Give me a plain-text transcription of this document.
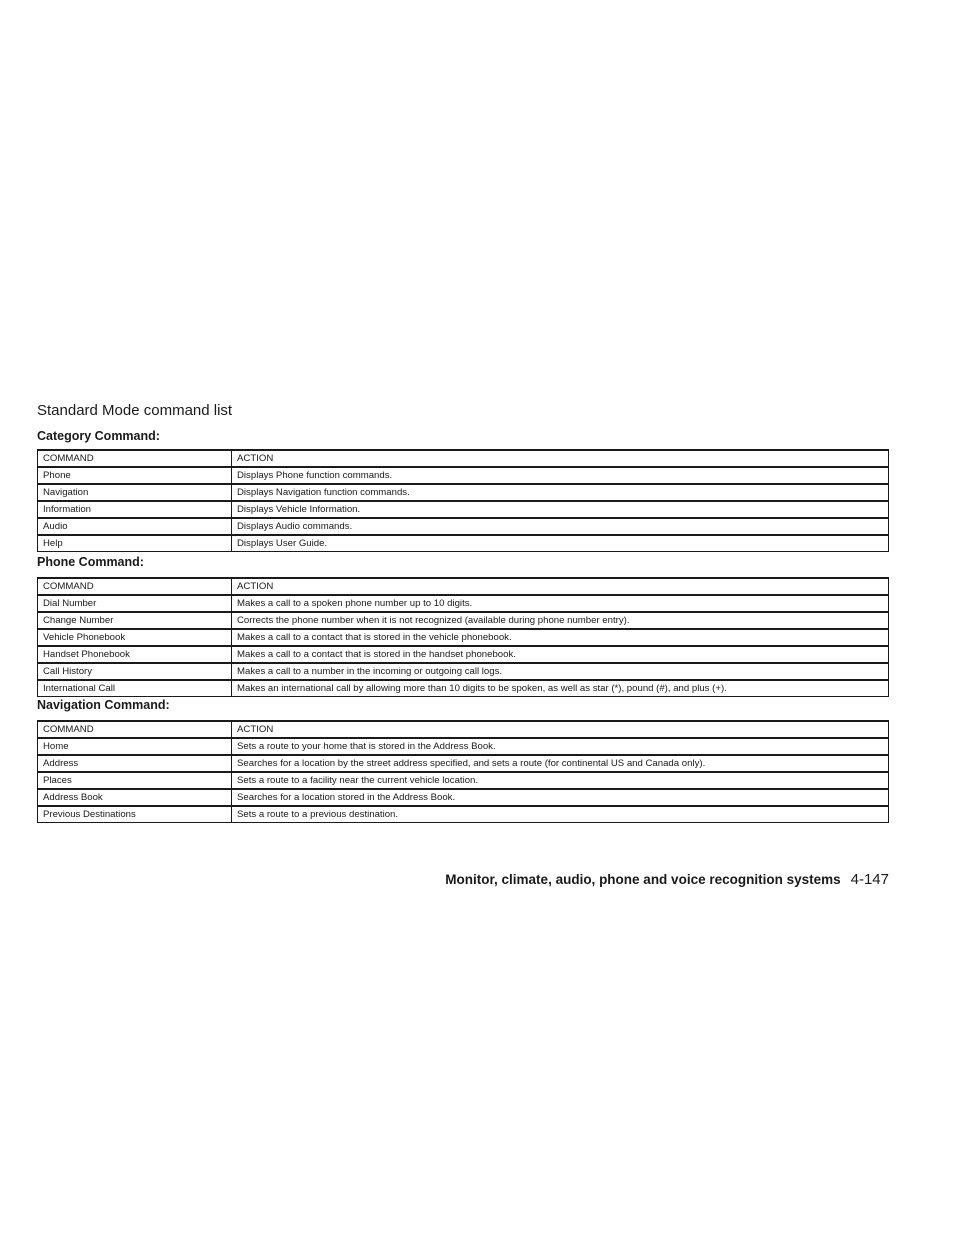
Standard Mode command list
Category Command:
COMMAND	ACTION
Phone	Displays Phone function commands.
Navigation	Displays Navigation function commands.
Information	Displays Vehicle Information.
Audio	Displays Audio commands.
Help	Displays User Guide.
Phone Command:
COMMAND	ACTION
Dial Number	Makes a call to a spoken phone number up to 10 digits.
Change Number	Corrects the phone number when it is not recognized (available during phone number entry).
Vehicle Phonebook	Makes a call to a contact that is stored in the vehicle phonebook.
Handset Phonebook	Makes a call to a contact that is stored in the handset phonebook.
Call History	Makes a call to a number in the incoming or outgoing call logs.
International Call	Makes an international call by allowing more than 10 digits to be spoken, as well as star (*), pound (#), and plus (+).
Navigation Command:
COMMAND	ACTION
Home	Sets a route to your home that is stored in the Address Book.
Address	Searches for a location by the street address specified, and sets a route (for continental US and Canada only).
Places	Sets a route to a facility near the current vehicle location.
Address Book	Searches for a location stored in the Address Book.
Previous Destinations	Sets a route to a previous destination.
Monitor, climate, audio, phone and voice recognition systems 4-147
